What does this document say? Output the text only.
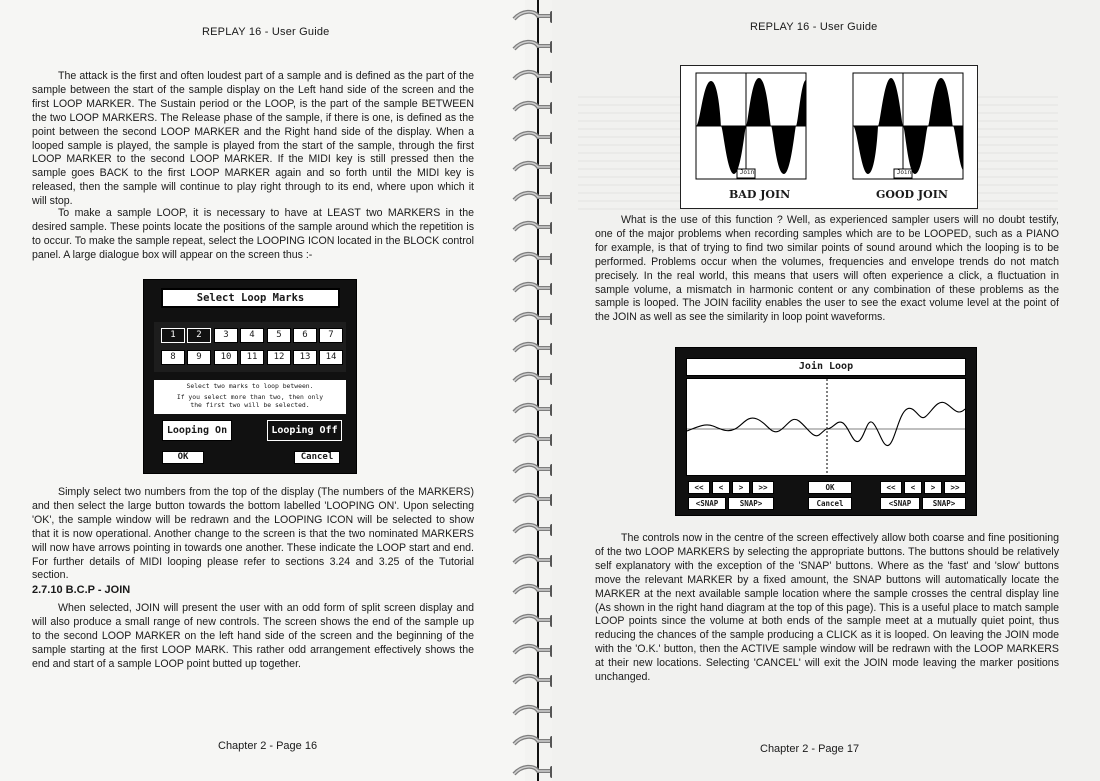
REPLAY 16 - User Guide

The attack is the first and often loudest part of a sample and is defined as the part of the sample between the start of the sample display on the Left hand side of the screen and the first LOOP MARKER. The Sustain period or the LOOP, is the part of the sample BETWEEN the two LOOP MARKERS. The Release phase of the sample, if there is one, is defined as the point between the second LOOP MARKER and the Right hand side of the display. When a looped sample is played, the sample is played from the start of the sample, through the first LOOP MARKER to the second LOOP MARKER. If the MIDI key is still pressed then the sample goes BACK to the first LOOP MARKER again and so forth until the MIDI key is released, then the sample will continue to play right through to its end, where upon which it will stop.

To make a sample LOOP, it is necessary to have at LEAST two MARKERS in the desired sample. These points locate the positions of the sample around which the repetition is to occur. To make the sample repeat, select the LOOPING ICON located in the BLOCK control panel. A large dialogue box will appear on the screen thus :-

Select Loop Marks
1	2	3	4	5	6	7
8	9	10	11	12	13	14
Select two marks to loop between.
If you select more than two, then only
the first two will be selected.
Looping On	Looping Off
OK	Cancel

Simply select two numbers from the top of the display (The numbers of the MARKERS) and then select the large button towards the bottom labelled 'LOOPING ON'. Upon selecting 'OK', the sample window will be redrawn and the LOOPING ICON will be selected to show that it is now operational. Another change to the screen is that the two nominated MARKERS will now have arrows pointing in towards one another. These indicate the LOOP start and end. For further details of MIDI looping please refer to sections 3.24 and 3.25 of the Tutorial section.

2.7.10 B.C.P - JOIN

When selected, JOIN will present the user with an odd form of split screen display and will also produce a small range of new controls. The screen shows the end of the sample up to the second LOOP MARKER on the left hand side of the screen and the beginning of the sample starting at the first LOOP MARK. This rather odd arrangement effectively shows the end and start of a sample LOOP point butted up together.

Chapter 2 - Page 16
REPLAY 16 - User Guide
Join	Join
BAD JOIN	GOOD JOIN

What is the use of this function ? Well, as experienced sampler users will no doubt testify, one of the major problems when recording samples which are to be LOOPED, such as a PIANO for example, is that of trying to find two similar points of sound around which the looping is to be performed. Problems occur when the volumes, frequencies and envelope trends do not match precisely. In the real world, this means that users will often experience a click, a fluctuation in sample volume, a mismatch in harmonic content or any combination of these problems as the sample is looped. The JOIN facility enables the user to see the exact volume level at the point of the JOIN as well as see the similarity in loop point waveforms.

Join Loop
<<	<	>	>>
<SNAP	SNAP>
OK
Cancel
<<	<	>	>>
<SNAP	SNAP>

The controls now in the centre of the screen effectively allow both coarse and fine positioning of the two LOOP MARKERS by selecting the appropriate buttons. The buttons should be relatively self explanatory with the exception of the 'SNAP' buttons. Where as the 'fast' and 'slow' buttons move the relevant MARKER by a fixed amount, the SNAP buttons will automatically locate the MARKER at the next available sample location where the sample crosses the central display line (As shown in the right hand diagram at the top of this page). This is a useful place to match sample LOOP points since the volume at both ends of the sample meet at a mutually quiet point, thus reducing the chances of the sample producing a CLICK as it is looped. On leaving the JOIN mode with the 'O.K.' button, then the ACTIVE sample window will be redrawn with the LOOP MARKERS at their new locations. Selecting 'CANCEL' will exit the JOIN mode leaving the marker positions unchanged.

Chapter 2 - Page 17
